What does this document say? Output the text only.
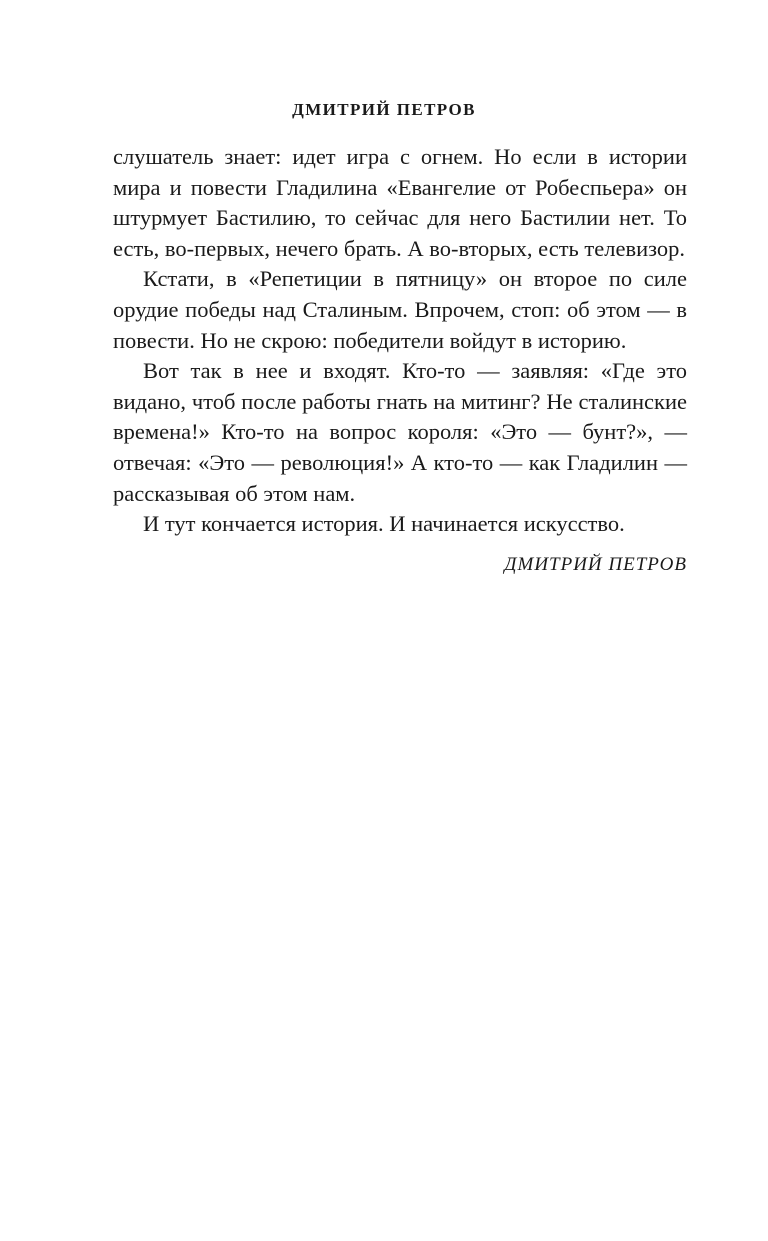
ДМИТРИЙ ПЕТРОВ

слушатель знает: идет игра с огнем. Но если в истории мира и повести Гладилина «Евангелие от Робеспьера» он штурмует Бастилию, то сейчас для него Бастилии нет. То есть, во-первых, нечего брать. А во-вторых, есть телевизор.

Кстати, в «Репетиции в пятницу» он второе по силе орудие победы над Сталиным. Впрочем, стоп: об этом — в повести. Но не скрою: победители войдут в историю.

Вот так в нее и входят. Кто-то — заявляя: «Где это видано, чтоб после работы гнать на митинг? Не сталинские времена!» Кто-то на вопрос короля: «Это — бунт?», — отвечая: «Это — революция!» А кто-то — как Гладилин — рассказывая об этом нам.

И тут кончается история. И начинается искусство.

ДМИТРИЙ ПЕТРОВ
